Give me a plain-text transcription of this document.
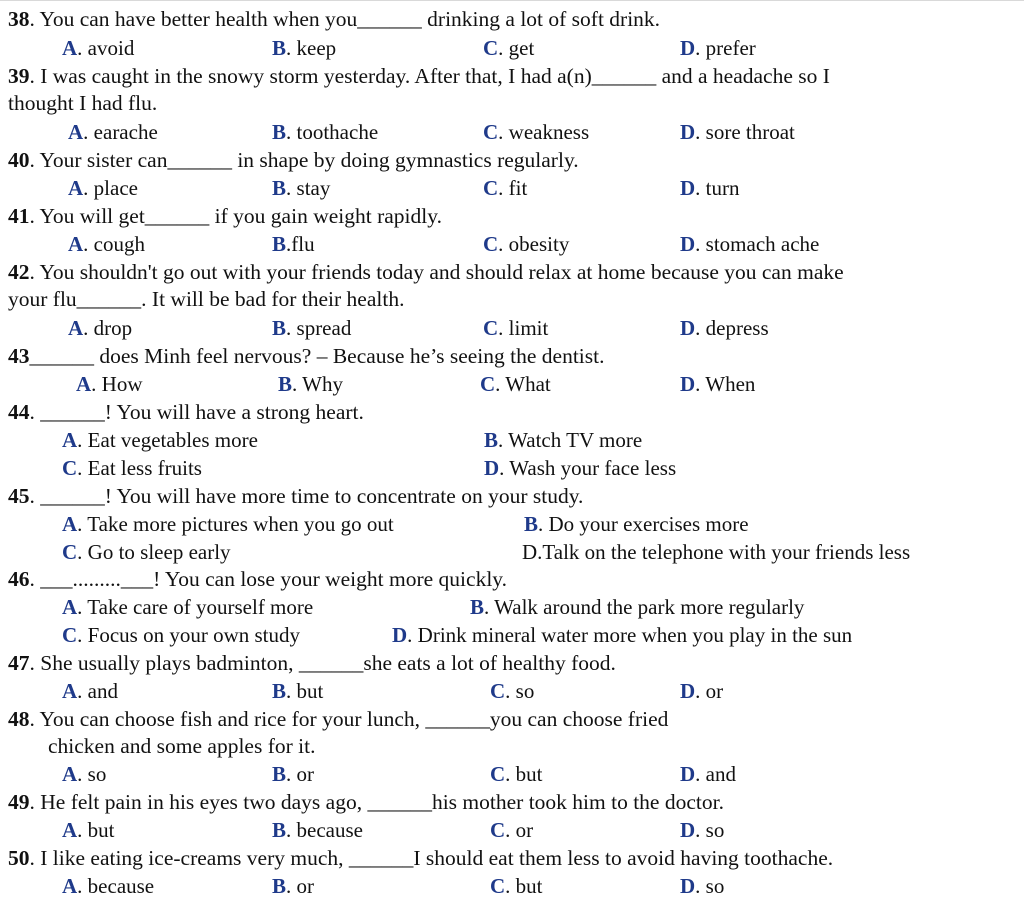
38. You can have better health when you______ drinking a lot of soft drink.
A. avoid	B. keep	C. get	D. prefer
39. I was caught in the snowy storm yesterday. After that, I had a(n)______ and a headache so I
thought I had flu.
A. earache	B. toothache	C. weakness	D. sore throat
40. Your sister can______ in shape by doing gymnastics regularly.
A. place	B. stay	C. fit	D. turn
41. You will get______ if you gain weight rapidly.
A. cough	B.flu	C. obesity	D. stomach ache
42. You shouldn't go out with your friends today and should relax at home because you can make
your flu______. It will be bad for their health.
A. drop	B. spread	C. limit	D. depress
43______ does Minh feel nervous? – Because he’s seeing the dentist.
A. How	B. Why	C. What	D. When
44. ______! You will have a strong heart.
A. Eat vegetables more	B. Watch TV more
C. Eat less fruits	D. Wash your face less
45. ______! You will have more time to concentrate on your study.
A. Take more pictures when you go out	B. Do your exercises more
C. Go to sleep early	D.Talk on the telephone with your friends less
46. ___.........___! You can lose your weight more quickly.
A. Take care of yourself more	B. Walk around the park more regularly
C. Focus on your own study	D. Drink mineral water more when you play in the sun
47. She usually plays badminton, ______she eats a lot of healthy food.
A. and	B. but	C. so	D. or
48. You can choose fish and rice for your lunch, ______you can choose fried
chicken and some apples for it.
A. so	B. or	C. but	D. and
49. He felt pain in his eyes two days ago, ______his mother took him to the doctor.
A. but	B. because	C. or	D. so
50. I like eating ice-creams very much, ______I should eat them less to avoid having toothache.
A. because	B. or	C. but	D. so
